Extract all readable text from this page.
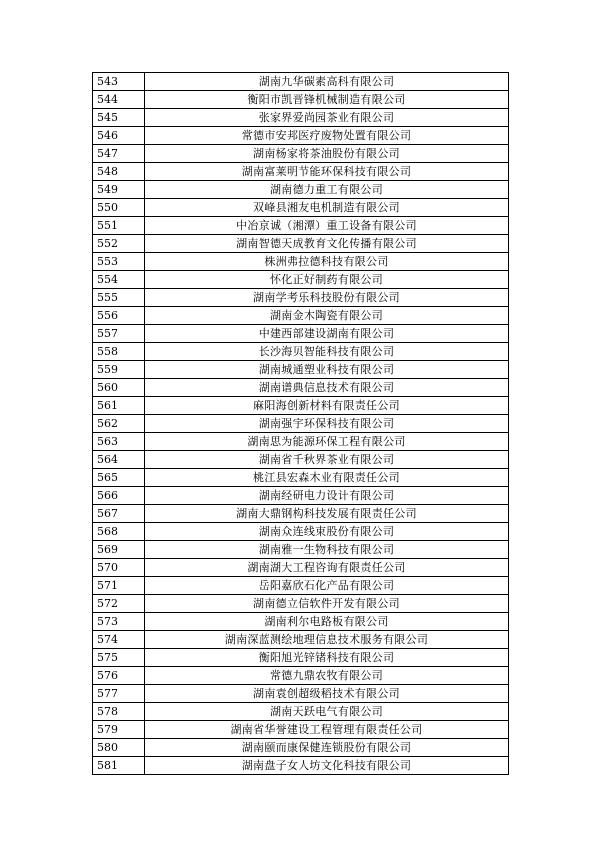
543	湖南九华碳素高科有限公司
544	衡阳市凯晋锋机械制造有限公司
545	张家界爱尚园茶业有限公司
546	常德市安邦医疗废物处置有限公司
547	湖南杨家将茶油股份有限公司
548	湖南富莱明节能环保科技有限公司
549	湖南德力重工有限公司
550	双峰县湘友电机制造有限公司
551	中冶京诚（湘潭）重工设备有限公司
552	湖南智德天成教育文化传播有限公司
553	株洲弗拉德科技有限公司
554	怀化正好制药有限公司
555	湖南学考乐科技股份有限公司
556	湖南金木陶瓷有限公司
557	中建西部建设湖南有限公司
558	长沙海贝智能科技有限公司
559	湖南城通塑业科技有限公司
560	湖南谱典信息技术有限公司
561	麻阳海创新材料有限责任公司
562	湖南强宇环保科技有限公司
563	湖南思为能源环保工程有限公司
564	湖南省千秋界茶业有限公司
565	桃江县宏森木业有限责任公司
566	湖南经研电力设计有限公司
567	湖南大鼎钢构科技发展有限责任公司
568	湖南众连线束股份有限公司
569	湖南雅一生物科技有限公司
570	湖南湖大工程咨询有限责任公司
571	岳阳嘉欣石化产品有限公司
572	湖南德立信软件开发有限公司
573	湖南利尔电路板有限公司
574	湖南深蓝测绘地理信息技术服务有限公司
575	衡阳旭光锌锗科技有限公司
576	常德九鼎农牧有限公司
577	湖南袁创超级稻技术有限公司
578	湖南天跃电气有限公司
579	湖南省华誉建设工程管理有限责任公司
580	湖南颐而康保健连锁股份有限公司
581	湖南盘子女人坊文化科技有限公司
